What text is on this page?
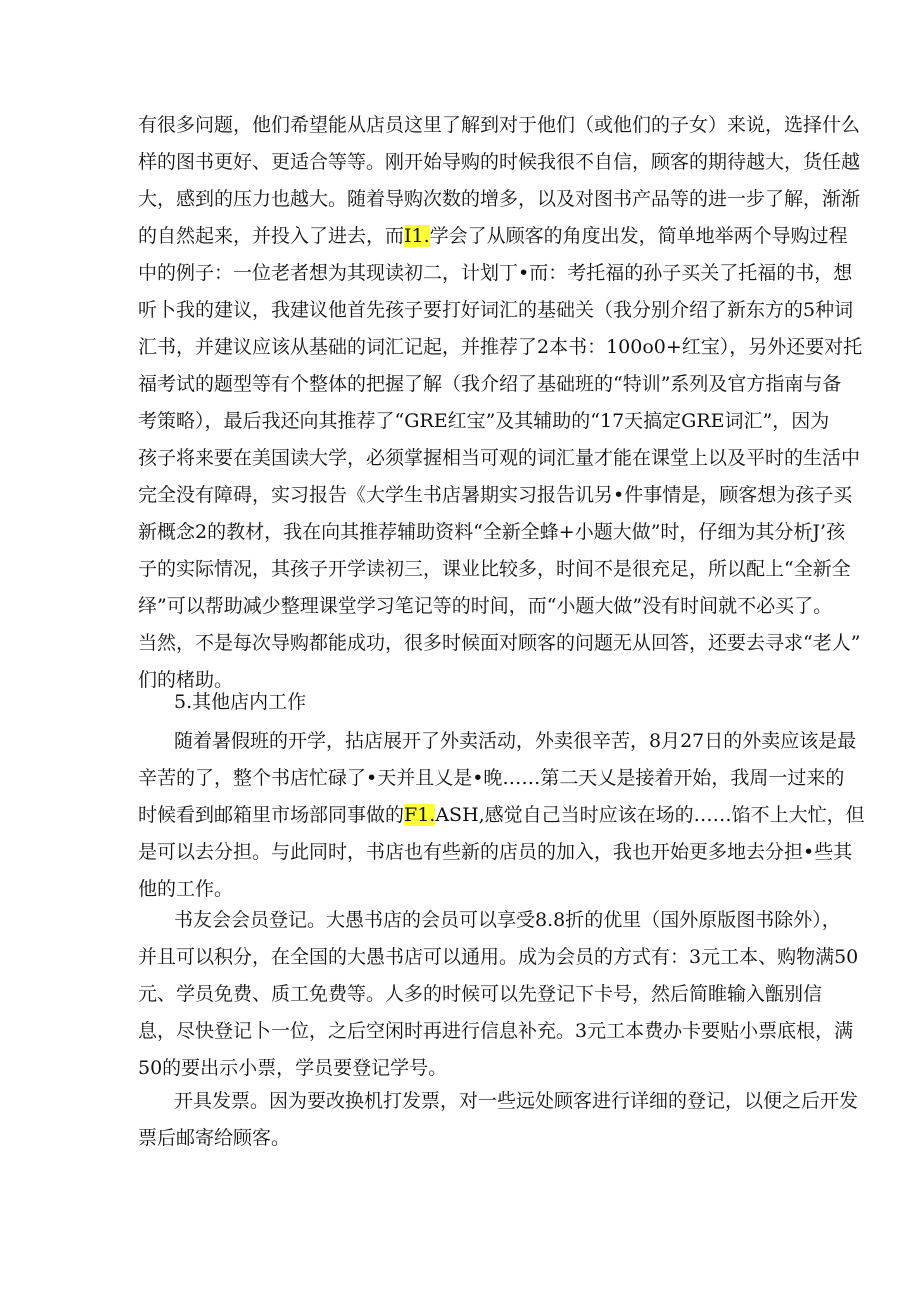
有很多问题，他们希望能从店员这里了解到对于他们（或他们的子女）来说，选择什么
样的图书更好、更适合等等。刚开始导购的时候我很不自信，顾客的期待越大，货任越
大，感到的压力也越大。随着导购次数的增多，以及对图书产品等的进一步了解，渐渐
的自然起来，并投入了进去，而I1.学会了从顾客的角度出发，简单地举两个导购过程
中的例子：一位老者想为其现读初二，计划丁•而：考托福的孙子买关了托福的书，想
听卜我的建议，我建议他首先孩子要打好词汇的基础关（我分别介绍了新东方的5种词
汇书，并建议应该从基础的词汇记起，并推荐了2本书：100o0+红宝），另外还要对托
福考试的题型等有个整体的把握了解（我介绍了基础班的“特训”系列及官方指南与备
考策略），最后我还向其推荐了“GRE红宝”及其辅助的“17天搞定GRE词汇”，因为
孩子将来要在美国读大学，必须掌握相当可观的词汇量才能在课堂上以及平时的生活中
完全没有障碍，实习报告《大学生书店暑期实习报告讥另•件事情是，顾客想为孩子买
新概念2的教材，我在向其推荐辅助资料“全新全蜂+小题大做”时，仔细为其分析J’孩
子的实际情况，其孩子开学读初三，课业比较多，时间不是很充足，所以配上“全新全
绎”可以帮助减少整理课堂学习笔记等的时间，而“小题大做”没有时间就不必买了。
当然，不是每次导购都能成功，很多时候面对顾客的问题无从回答，还要去寻求“老人”
们的楮助。
5.其他店内工作
随着暑假班的开学，拈店展开了外卖活动，外卖很辛苦，8月27日的外卖应该是最
辛苦的了，整个书店忙碌了•天并且乂是•晚……第二天乂是接着开始，我周一过来的
时候看到邮箱里市场部同事做的F1.ASH,感觉自己当时应该在场的……馅不上大忙，但
是可以去分担。与此同时，书店也有些新的店员的加入，我也开始更多地去分担•些其
他的工作。
书友会会员登记。大愚书店的会员可以享受8.8折的优里（国外原版图书除外），
并且可以积分，在全国的大愚书店可以通用。成为会员的方式有：3元工本、购物满50
元、学员免费、质工免费等。人多的时候可以先登记下卡号，然后简睢输入甑别信
息，尽快登记卜一位，之后空闲时再进行信息补充。3元工本费办卡要贴小票底根，满
50的要出示小票，学员要登记学号。
开具发票。因为要改换机打发票，对一些远处顾客进行详细的登记，以便之后开发
票后邮寄给顾客。
